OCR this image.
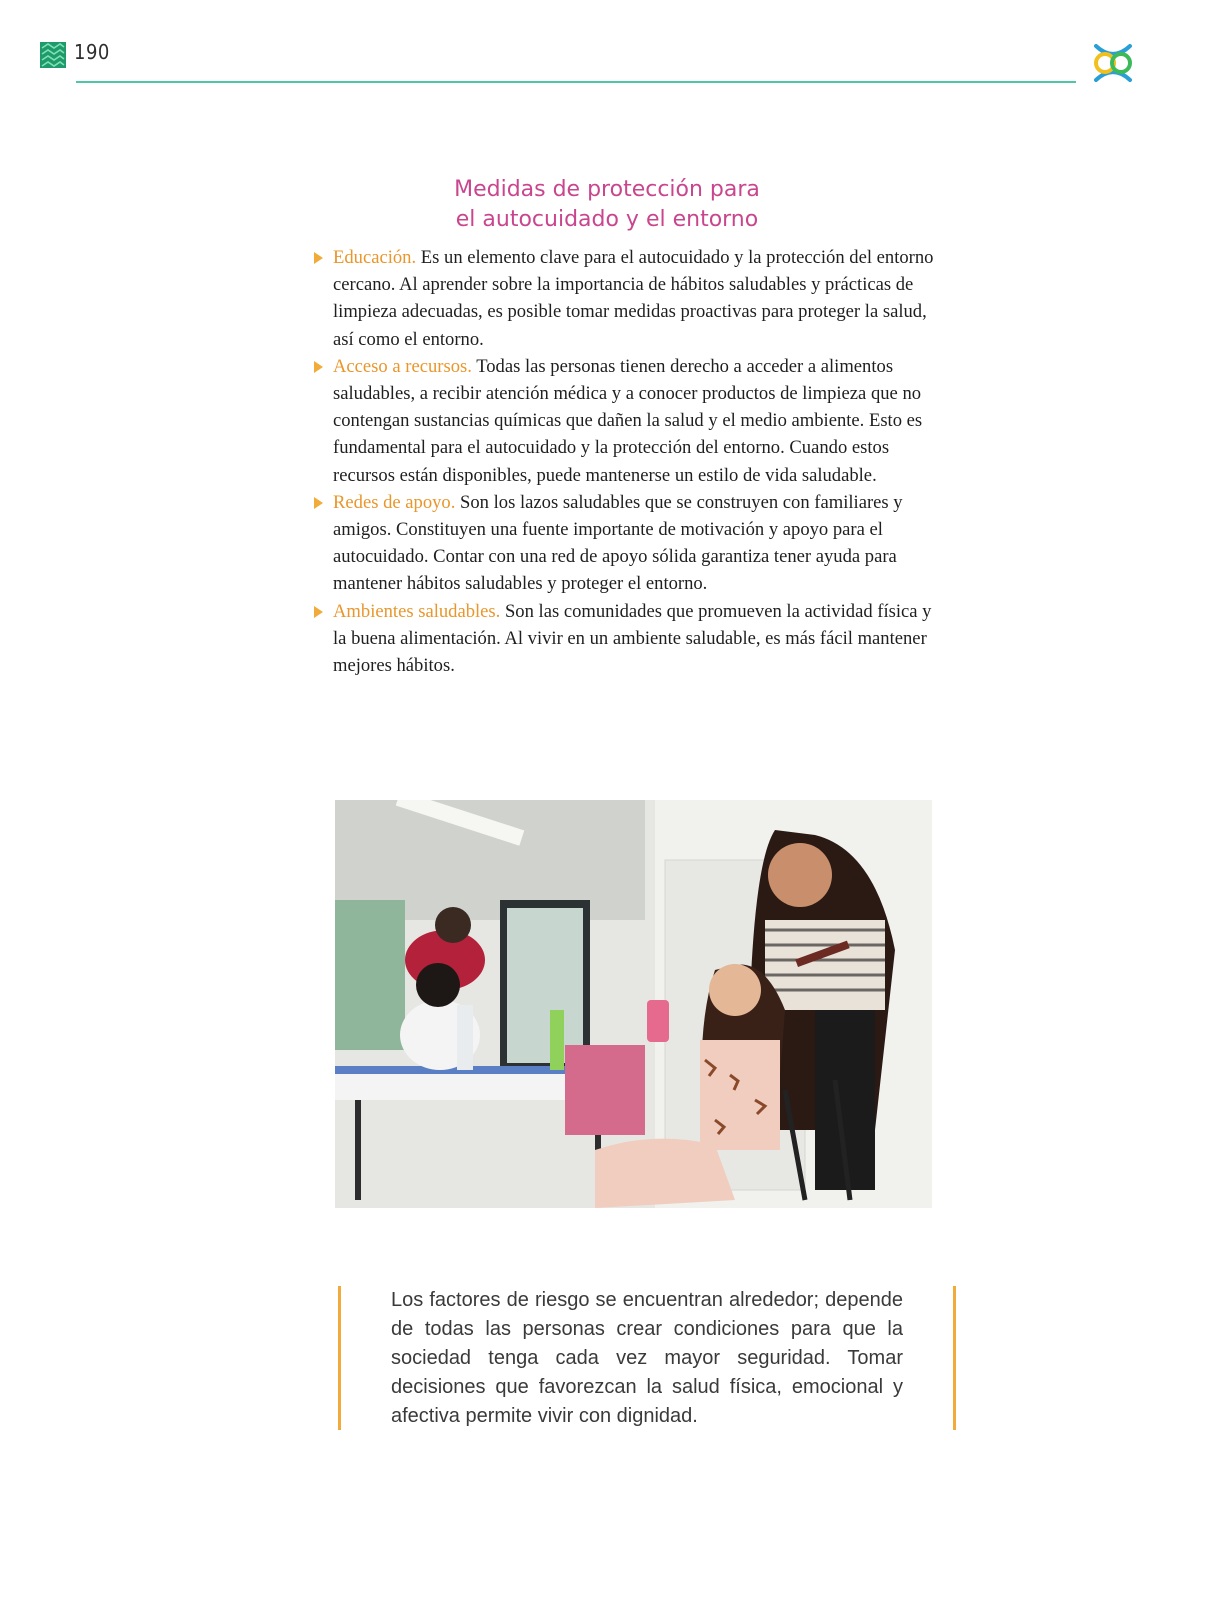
190
Medidas de protección para
el autocuidado y el entorno
Educación. Es un elemento clave para el autocuidado y la protección del entorno cercano. Al aprender sobre la importancia de hábitos saludables y prácticas de limpieza adecuadas, es posible tomar medidas proactivas para proteger la salud, así como el entorno.
Acceso a recursos. Todas las personas tienen derecho a acceder a alimentos saludables, a recibir atención médica y a conocer productos de limpieza que no contengan sustancias químicas que dañen la salud y el medio ambiente. Esto es fundamental para el autocuidado y la protección del entorno. Cuando estos recursos están disponibles, puede mantenerse un estilo de vida saludable.
Redes de apoyo. Son los lazos saludables que se construyen con familiares y amigos. Constituyen una fuente importante de motivación y apoyo para el autocuidado. Contar con una red de apoyo sólida garantiza tener ayuda para mantener hábitos saludables y proteger el entorno.
Ambientes saludables. Son las comunidades que promueven la actividad física y la buena alimentación. Al vivir en un ambiente saludable, es más fácil mantener mejores hábitos.

Los factores de riesgo se encuentran alrededor; depende de todas las personas crear condiciones para que la sociedad tenga cada vez mayor seguridad. Tomar decisiones que favorezcan la salud física, emocional y afectiva permite vivir con dignidad.
